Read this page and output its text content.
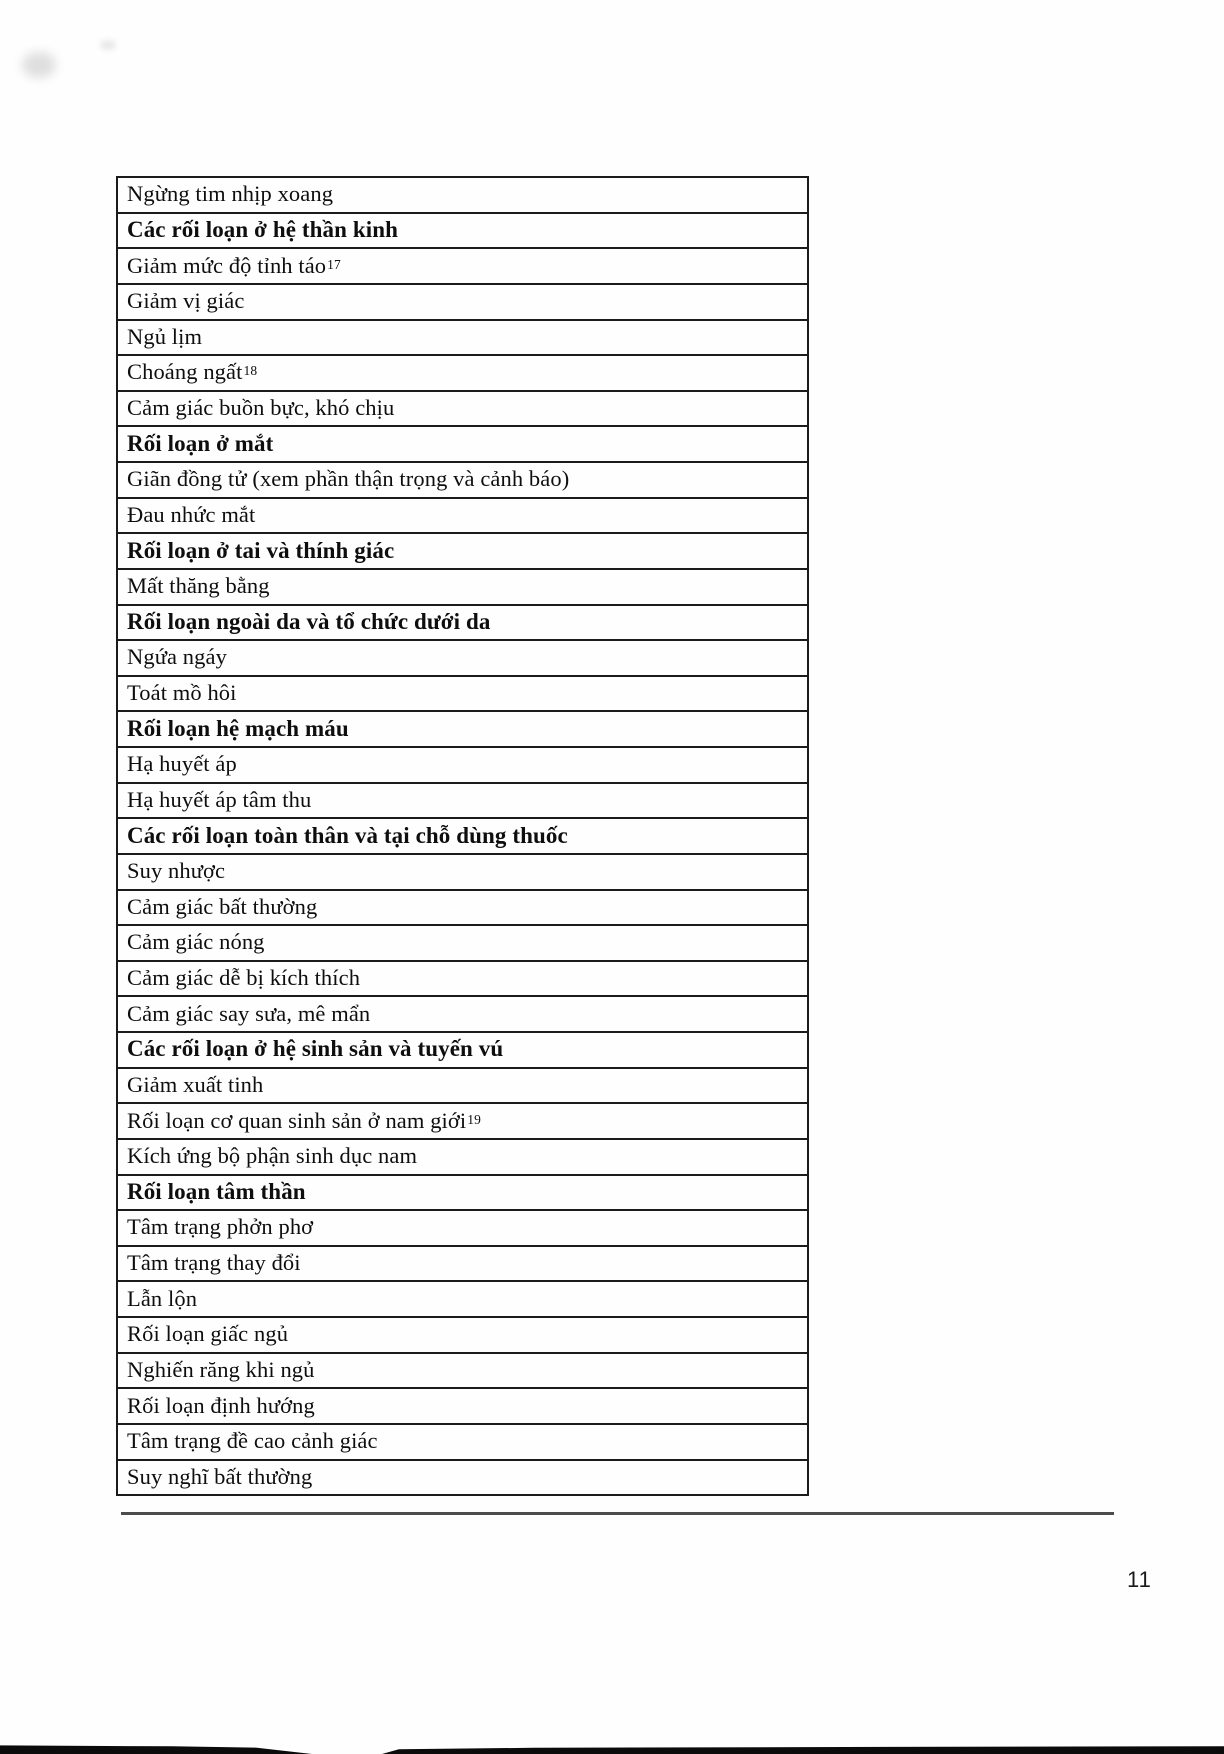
Ngừng tim nhịp xoang
Các rối loạn ở hệ thần kinh
Giảm mức độ tỉnh táo$^{17}$
Giảm vị giác
Ngủ lịm
Choáng ngất$^{18}$
Cảm giác buồn bực, khó chịu
Rối loạn ở mắt
Giãn đồng tử (xem phần thận trọng và cảnh báo)
Đau nhức mắt
Rối loạn ở tai và thính giác
Mất thăng bằng
Rối loạn ngoài da và tổ chức dưới da
Ngứa ngáy
Toát mồ hôi
Rối loạn hệ mạch máu
Hạ huyết áp
Hạ huyết áp tâm thu
Các rối loạn toàn thân và tại chỗ dùng thuốc
Suy nhược
Cảm giác bất thường
Cảm giác nóng
Cảm giác dễ bị kích thích
Cảm giác say sưa, mê mẩn
Các rối loạn ở hệ sinh sản và tuyến vú
Giảm xuất tinh
Rối loạn cơ quan sinh sản ở nam giới$^{19}$
Kích ứng bộ phận sinh dục nam
Rối loạn tâm thần
Tâm trạng phởn phơ
Tâm trạng thay đổi
Lẫn lộn
Rối loạn giấc ngủ
Nghiến răng khi ngủ
Rối loạn định hướng
Tâm trạng đề cao cảnh giác
Suy nghĩ bất thường
11
